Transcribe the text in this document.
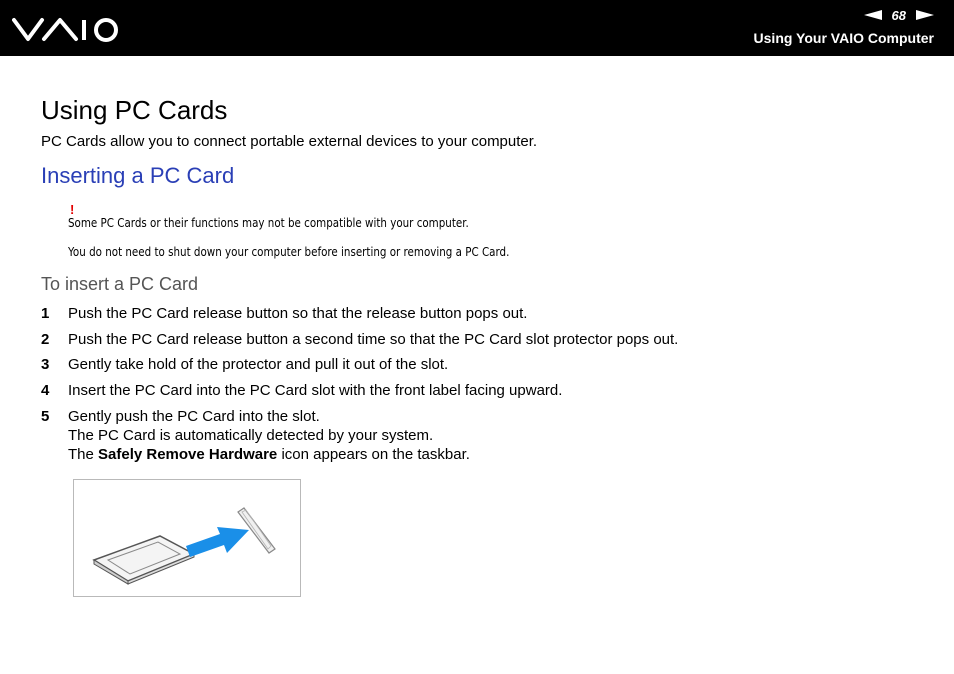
68
Using Your VAIO Computer
Using PC Cards
PC Cards allow you to connect portable external devices to your computer.
Inserting a PC Card
!
Some PC Cards or their functions may not be compatible with your computer.
You do not need to shut down your computer before inserting or removing a PC Card.
To insert a PC Card
1 Push the PC Card release button so that the release button pops out.
2 Push the PC Card release button a second time so that the PC Card slot protector pops out.
3 Gently take hold of the protector and pull it out of the slot.
4 Insert the PC Card into the PC Card slot with the front label facing upward.
5 Gently push the PC Card into the slot.
The PC Card is automatically detected by your system.
The Safely Remove Hardware icon appears on the taskbar.
